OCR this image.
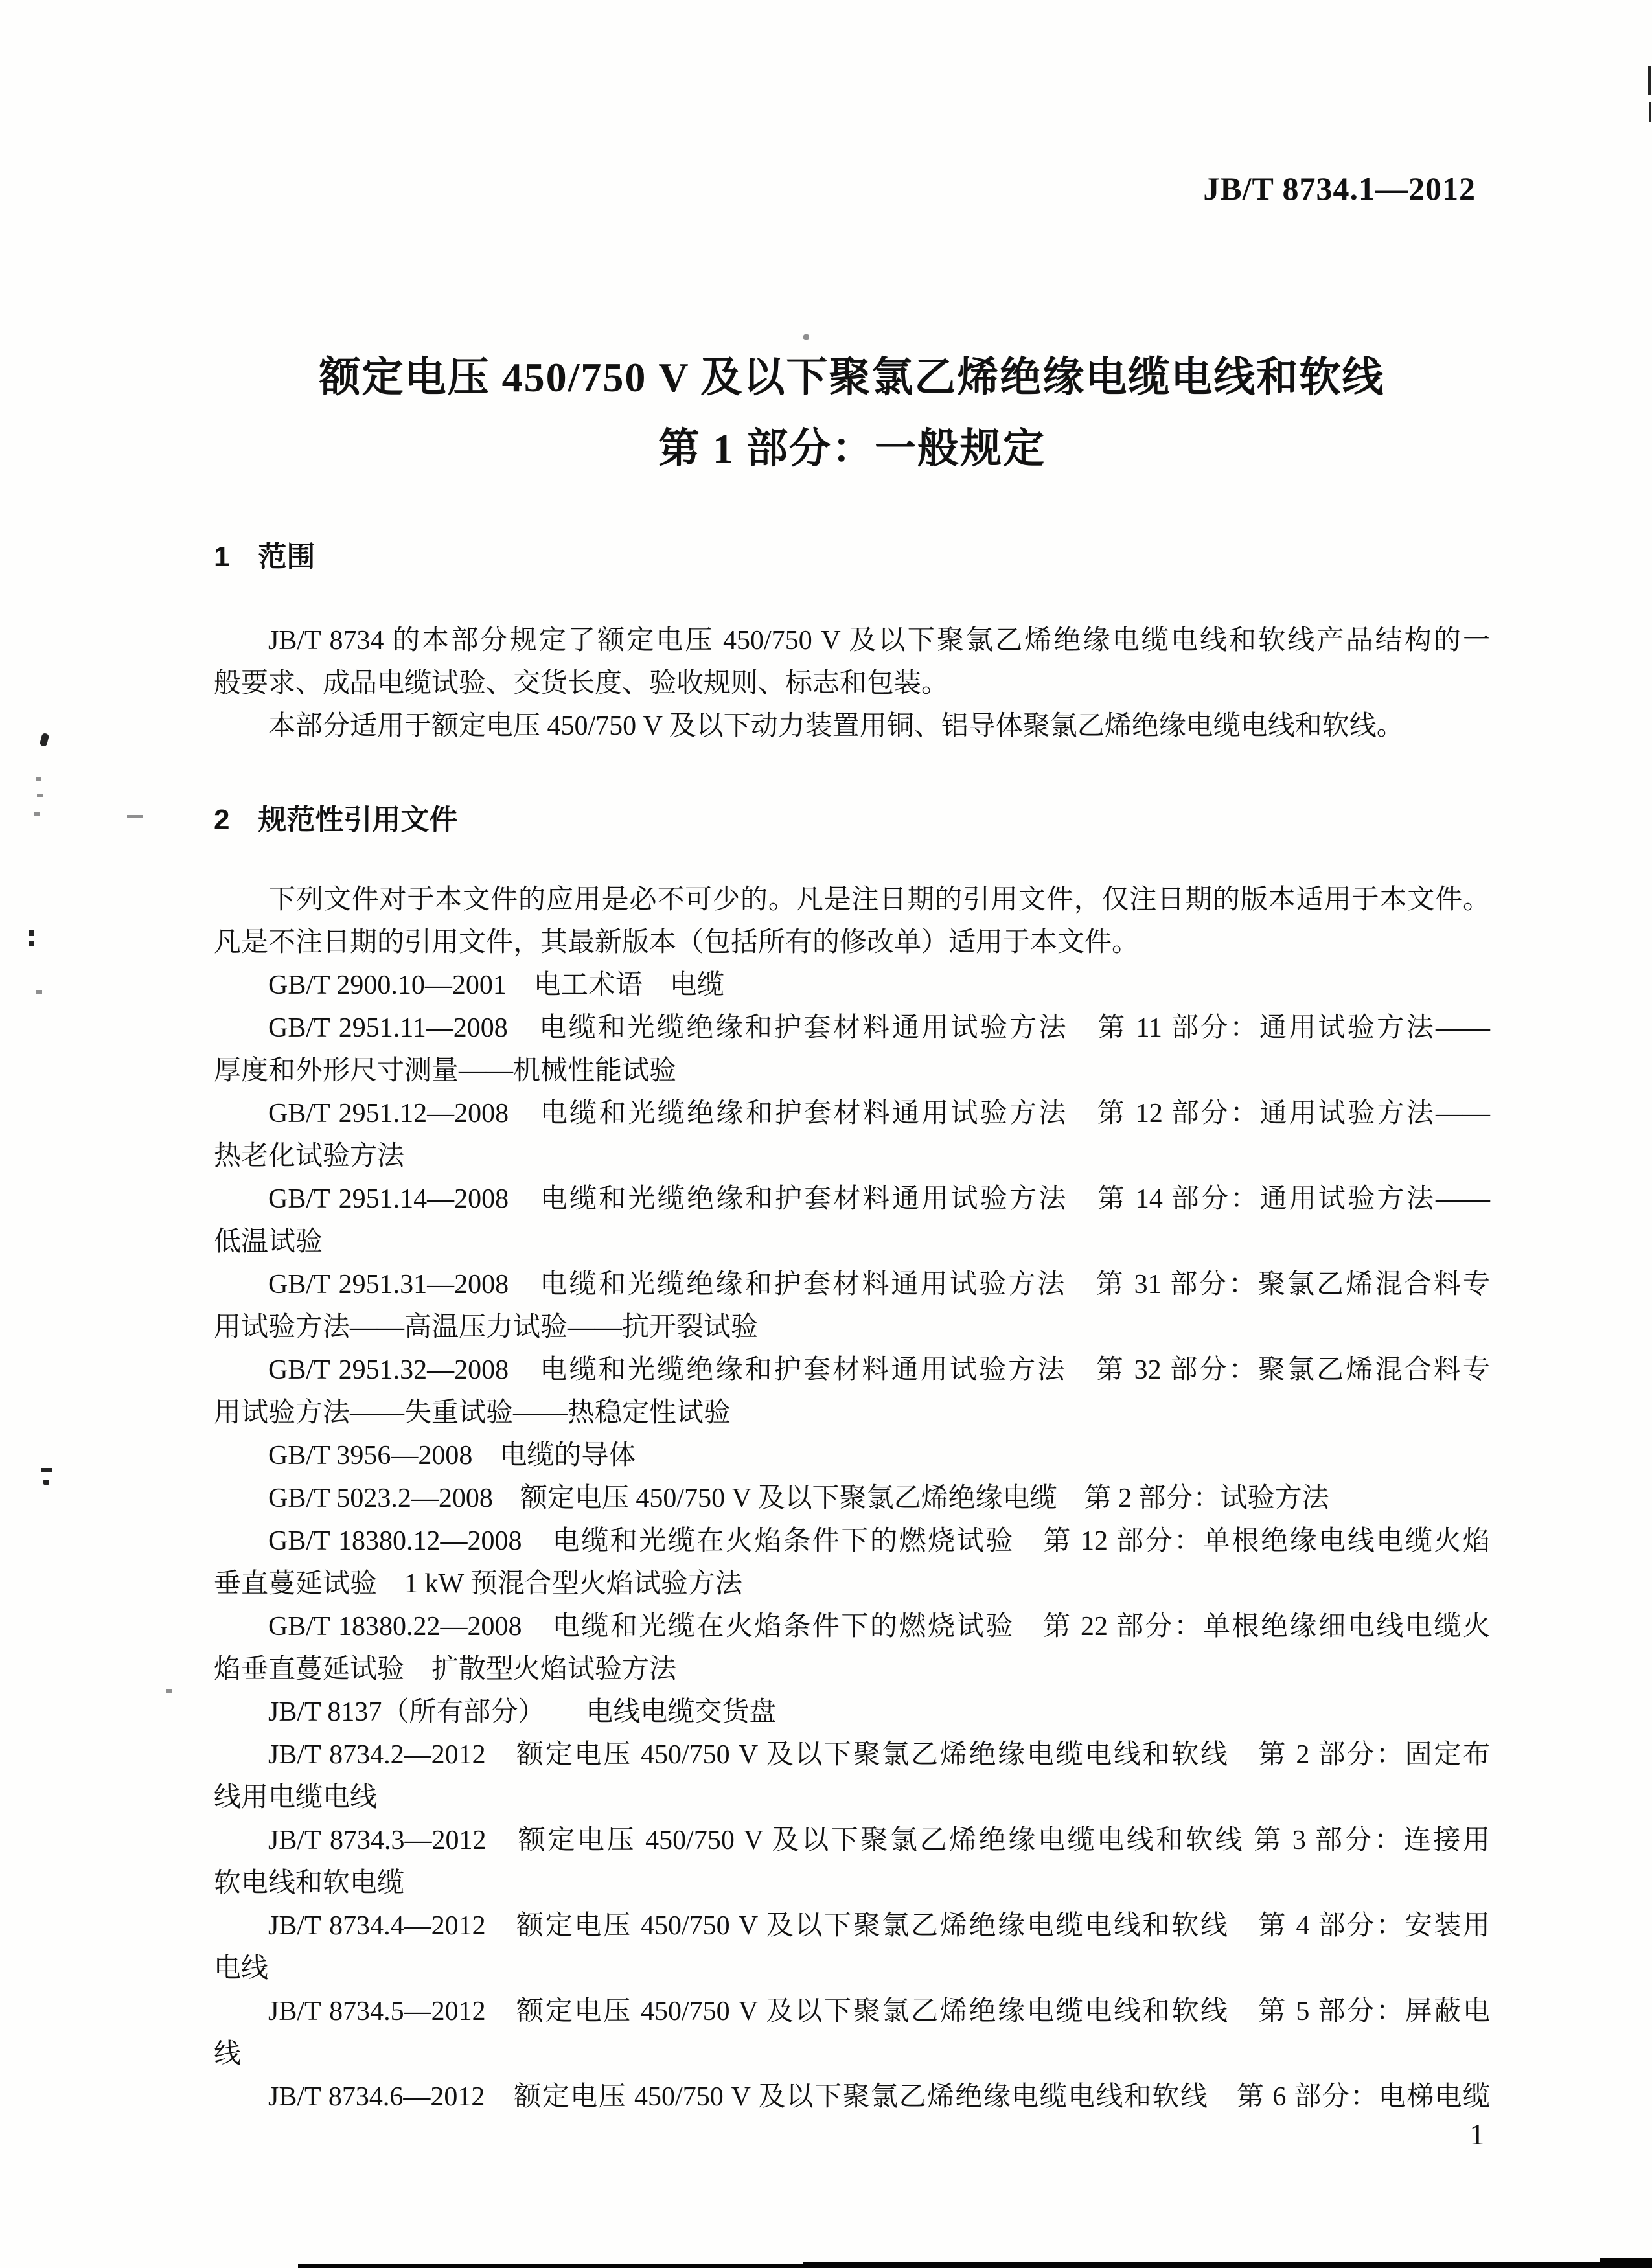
JB/T 8734.1—2012
额定电压 450/750 V 及以下聚氯乙烯绝缘电缆电线和软线
第 1 部分：一般规定
1 范围
JB/T 8734 的本部分规定了额定电压 450/750 V 及以下聚氯乙烯绝缘电缆电线和软线产品结构的一
般要求、成品电缆试验、交货长度、验收规则、标志和包装。
本部分适用于额定电压 450/750 V 及以下动力装置用铜、铝导体聚氯乙烯绝缘电缆电线和软线。
2 规范性引用文件
下列文件对于本文件的应用是必不可少的。凡是注日期的引用文件，仅注日期的版本适用于本文件。
凡是不注日期的引用文件，其最新版本（包括所有的修改单）适用于本文件。
GB/T 2900.10—2001　电工术语　电缆
GB/T 2951.11—2008　电缆和光缆绝缘和护套材料通用试验方法　第 11 部分：通用试验方法——
厚度和外形尺寸测量——机械性能试验
GB/T 2951.12—2008　电缆和光缆绝缘和护套材料通用试验方法　第 12 部分：通用试验方法——
热老化试验方法
GB/T 2951.14—2008　电缆和光缆绝缘和护套材料通用试验方法　第 14 部分：通用试验方法——
低温试验
GB/T 2951.31—2008　电缆和光缆绝缘和护套材料通用试验方法　第 31 部分：聚氯乙烯混合料专
用试验方法——高温压力试验——抗开裂试验
GB/T 2951.32—2008　电缆和光缆绝缘和护套材料通用试验方法　第 32 部分：聚氯乙烯混合料专
用试验方法——失重试验——热稳定性试验
GB/T 3956—2008　电缆的导体
GB/T 5023.2—2008　额定电压 450/750 V 及以下聚氯乙烯绝缘电缆　第 2 部分：试验方法
GB/T 18380.12—2008　电缆和光缆在火焰条件下的燃烧试验　第 12 部分：单根绝缘电线电缆火焰
垂直蔓延试验　1 kW 预混合型火焰试验方法
GB/T 18380.22—2008　电缆和光缆在火焰条件下的燃烧试验　第 22 部分：单根绝缘细电线电缆火
焰垂直蔓延试验　扩散型火焰试验方法
JB/T 8137（所有部分）　　电线电缆交货盘
JB/T 8734.2—2012　额定电压 450/750 V 及以下聚氯乙烯绝缘电缆电线和软线　第 2 部分：固定布
线用电缆电线
JB/T 8734.3—2012　额定电压 450/750 V 及以下聚氯乙烯绝缘电缆电线和软线 第 3 部分：连接用
软电线和软电缆
JB/T 8734.4—2012　额定电压 450/750 V 及以下聚氯乙烯绝缘电缆电线和软线　第 4 部分：安装用
电线
JB/T 8734.5—2012　额定电压 450/750 V 及以下聚氯乙烯绝缘电缆电线和软线　第 5 部分：屏蔽电
线
JB/T 8734.6—2012　额定电压 450/750 V 及以下聚氯乙烯绝缘电缆电线和软线　第 6 部分：电梯电缆
1
